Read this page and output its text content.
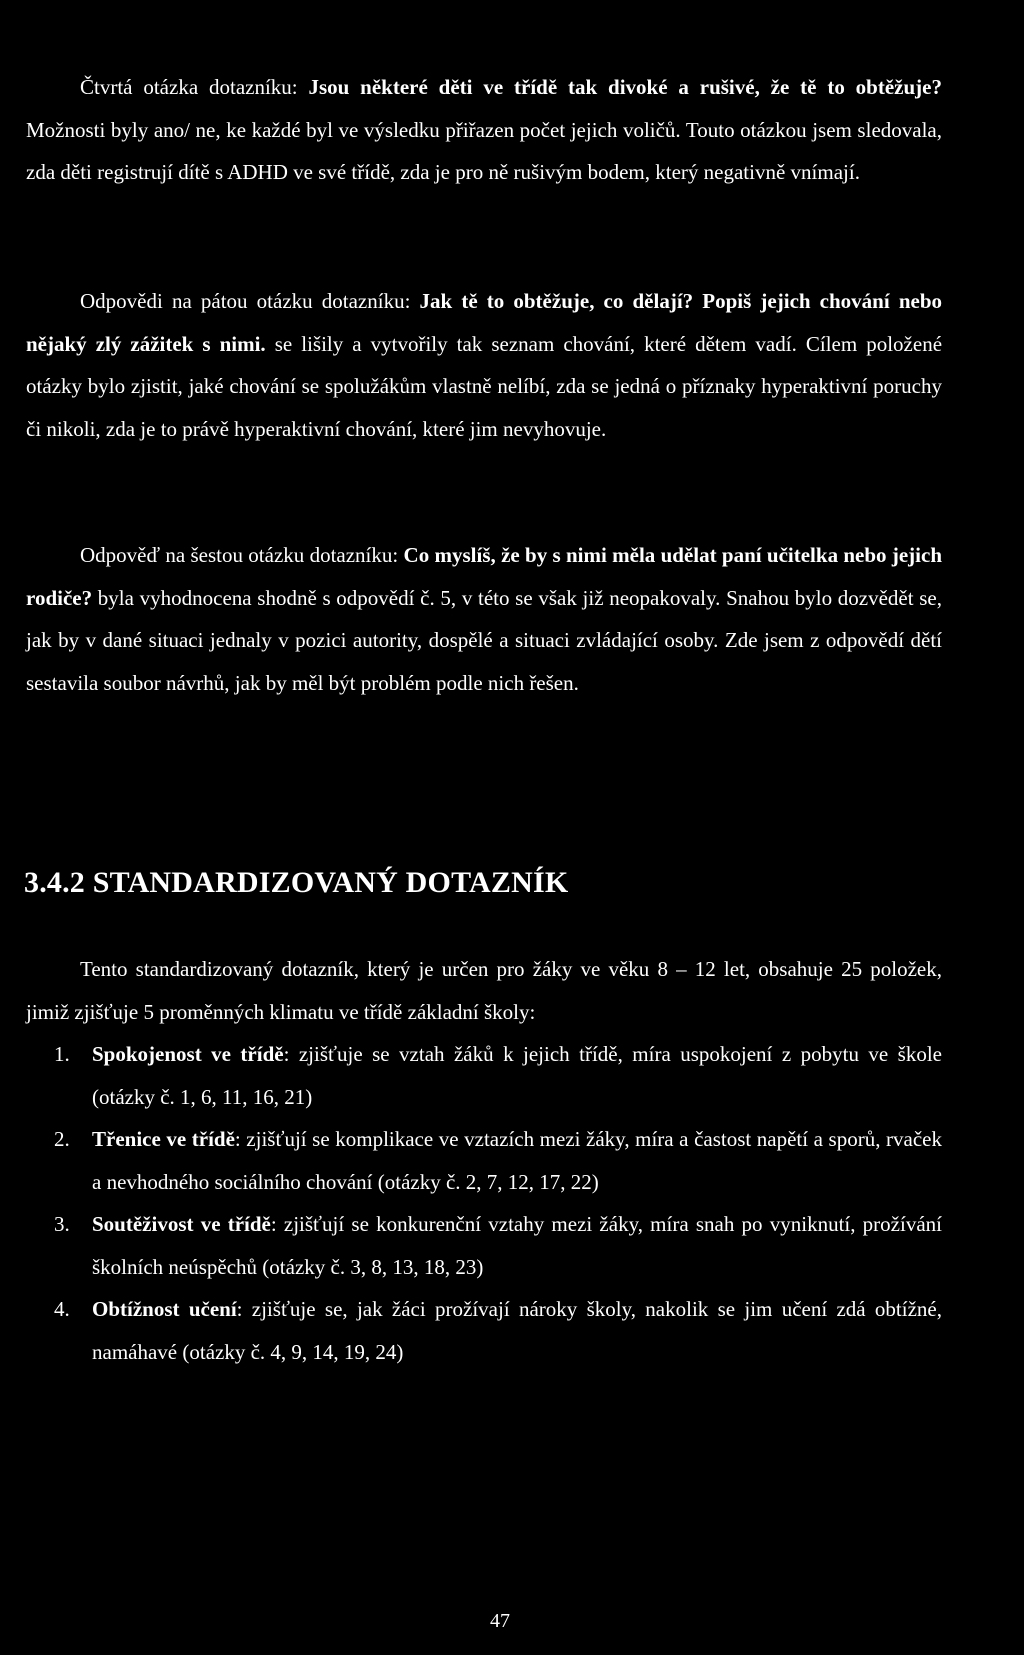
Čtvrtá otázka dotazníku: Jsou některé děti ve třídě tak divoké a rušivé, že tě to obtěžuje? Možnosti byly ano/ ne, ke každé byl ve výsledku přiřazen počet jejich voličů. Touto otázkou jsem sledovala, zda děti registrují dítě s ADHD ve své třídě, zda je pro ně rušivým bodem, který negativně vnímají.

Odpovědi na pátou otázku dotazníku: Jak tě to obtěžuje, co dělají? Popiš jejich chování nebo nějaký zlý zážitek s nimi. se lišily a vytvořily tak seznam chování, které dětem vadí. Cílem položené otázky bylo zjistit, jaké chování se spolužákům vlastně nelíbí, zda se jedná o příznaky hyperaktivní poruchy či nikoli, zda je to právě hyperaktivní chování, které jim nevyhovuje.

Odpověď na šestou otázku dotazníku: Co myslíš, že by s nimi měla udělat paní učitelka nebo jejich rodiče? byla vyhodnocena shodně s odpovědí č. 5, v této se však již neopakovaly. Snahou bylo dozvědět se, jak by v dané situaci jednaly v pozici autority, dospělé a situaci zvládající osoby. Zde jsem z odpovědí dětí sestavila soubor návrhů, jak by měl být problém podle nich řešen.

3.4.2 STANDARDIZOVANÝ DOTAZNÍK

Tento standardizovaný dotazník, který je určen pro žáky ve věku 8 – 12 let, obsahuje 25 položek, jimiž zjišťuje 5 proměnných klimatu ve třídě základní školy:

1. Spokojenost ve třídě: zjišťuje se vztah žáků k jejich třídě, míra uspokojení z pobytu ve škole (otázky č. 1, 6, 11, 16, 21)
2. Třenice ve třídě: zjišťují se komplikace ve vztazích mezi žáky, míra a častost napětí a sporů, rvaček a nevhodného sociálního chování (otázky č. 2, 7, 12, 17, 22)
3. Soutěživost ve třídě: zjišťují se konkurenční vztahy mezi žáky, míra snah po vyniknutí, prožívání školních neúspěchů (otázky č. 3, 8, 13, 18, 23)
4. Obtížnost učení: zjišťuje se, jak žáci prožívají nároky školy, nakolik se jim učení zdá obtížné, namáhavé (otázky č. 4, 9, 14, 19, 24)
47
